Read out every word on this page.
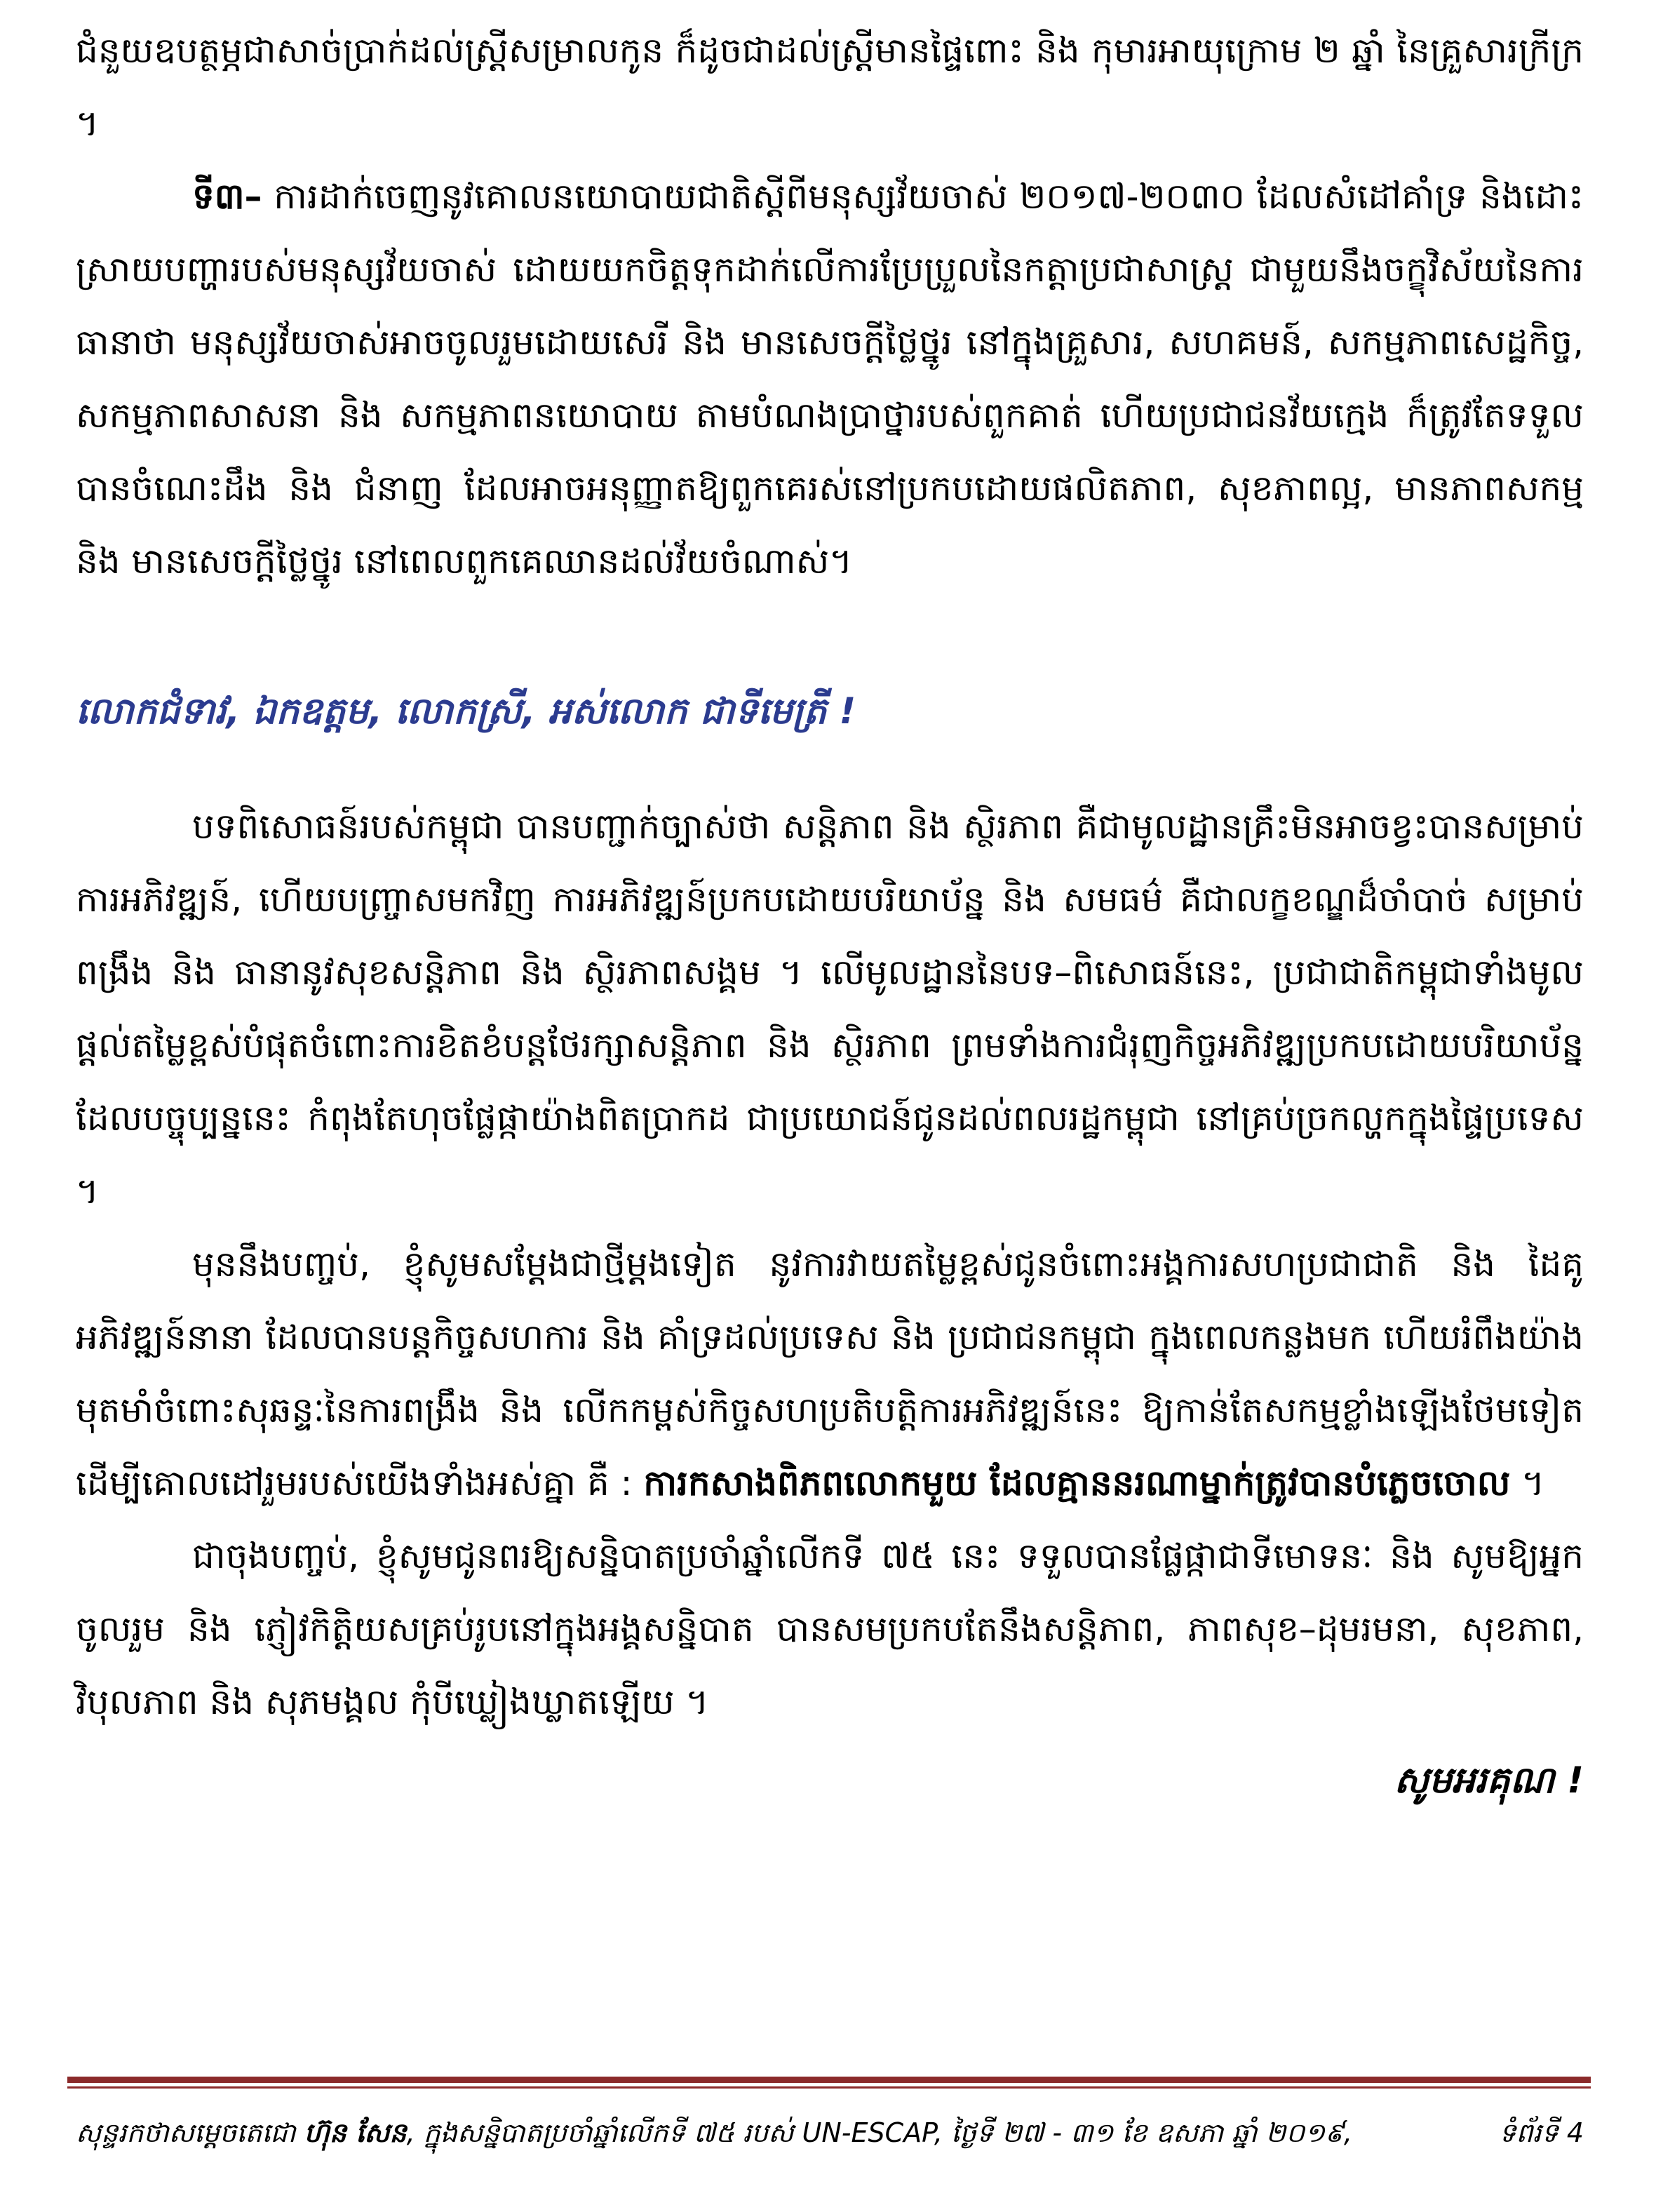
ជំនួយឧបត្ថម្ភជាសាច់ប្រាក់ដល់ស្ត្រីសម្រាលកូន ក៏ដូចជាដល់ស្ត្រីមានផ្ទៃពោះ និង កុមារអាយុក្រោម ២ ឆ្នាំ នៃគ្រួសារក្រីក្រ ។

ទី៣– ការដាក់ចេញនូវគោលនយោបាយជាតិស្តីពីមនុស្សវ័យចាស់ ២០១៧-២០៣០ ដែលសំដៅគាំទ្រ និងដោះស្រាយបញ្ហារបស់មនុស្សវ័យចាស់ ដោយយកចិត្តទុកដាក់លើការប្រែប្រួលនៃកត្តាប្រជាសាស្ត្រ ជាមួយនឹងចក្ខុវិស័យនៃការធានាថា មនុស្សវ័យចាស់អាចចូលរួមដោយសេរី និង មានសេចក្តីថ្លៃថ្នូរ នៅក្នុងគ្រួសារ, សហគមន៍, សកម្មភាពសេដ្ឋកិច្ច, សកម្មភាពសាសនា និង សកម្មភាពនយោបាយ តាមបំណងប្រាថ្នារបស់ពួកគាត់ ហើយប្រជាជនវ័យក្មេង ក៏ត្រូវតែទទួលបានចំណេះដឹង និង ជំនាញ ដែលអាចអនុញ្ញាតឱ្យពួកគេរស់នៅប្រកបដោយផលិតភាព, សុខភាពល្អ, មានភាពសកម្ម និង មានសេចក្តីថ្លៃថ្នូរ នៅពេលពួកគេឈានដល់វ័យចំណាស់។

លោកជំទាវ, ឯកឧត្តម, លោកស្រី, អស់លោក ជាទីមេត្រី !

បទពិសោធន៍របស់កម្ពុជា បានបញ្ជាក់ច្បាស់ថា សន្តិភាព និង ស្ថិរភាព គឺជាមូលដ្ឋានគ្រឹះមិនអាចខ្វះបានសម្រាប់ការអភិវឌ្ឍន៍, ហើយបញ្ច្រាសមកវិញ ការអភិវឌ្ឍន៍ប្រកបដោយបរិយាប័ន្ន និង សមធម៌ គឺជាលក្ខខណ្ឌដ៏ចាំបាច់ សម្រាប់ពង្រឹង និង ធានានូវសុខសន្តិភាព និង ស្ថិរភាពសង្គម ។ លើមូលដ្ឋាននៃបទ–ពិសោធន៍នេះ, ប្រជាជាតិកម្ពុជាទាំងមូល ផ្តល់តម្លៃខ្ពស់បំផុតចំពោះការខិតខំបន្តថែរក្សាសន្តិភាព និង ស្ថិរភាព ព្រមទាំងការជំរុញកិច្ចអភិវឌ្ឍប្រកបដោយបរិយាប័ន្ន ដែលបច្ចុប្បន្ននេះ កំពុងតែហុចផ្លែផ្កាយ៉ាងពិតប្រាកដ ជាប្រយោជន៍ជូនដល់ពលរដ្ឋកម្ពុជា នៅគ្រប់ច្រកល្ហកក្នុងផ្ទៃប្រទេស ។

មុននឹងបញ្ចប់, ខ្ញុំសូមសម្តែងជាថ្មីម្តងទៀត នូវការវាយតម្លៃខ្ពស់ជូនចំពោះអង្គការសហប្រជាជាតិ និង ដៃគូអភិវឌ្ឍន៍នានា ដែលបានបន្តកិច្ចសហការ និង គាំទ្រដល់ប្រទេស និង ប្រជាជនកម្ពុជា ក្នុងពេលកន្លងមក ហើយរំពឹងយ៉ាងមុតមាំចំពោះសុឆន្ទៈនៃការពង្រឹង និង លើកកម្ពស់កិច្ចសហប្រតិបត្តិការអភិវឌ្ឍន៍នេះ ឱ្យកាន់តែសកម្មខ្លាំងឡើងថែមទៀត ដើម្បីគោលដៅរួមរបស់យើងទាំងអស់គ្នា គឺ : ការកសាងពិភពលោកមួយ ដែលគ្មាននរណាម្នាក់ត្រូវបានបំភ្លេចចោល ។

ជាចុងបញ្ចប់, ខ្ញុំសូមជូនពរឱ្យសន្និបាតប្រចាំឆ្នាំលើកទី ៧៥ នេះ ទទួលបានផ្លែផ្កាជាទីមោទនៈ និង សូមឱ្យអ្នកចូលរួម និង ភ្ញៀវកិត្តិយសគ្រប់រូបនៅក្នុងអង្គសន្និបាត បានសមប្រកបតែនឹងសន្តិភាព, ភាពសុខ–ដុមរមនា, សុខភាព, វិបុលភាព និង សុភមង្គល កុំបីឃ្លៀងឃ្លាតឡើយ ។

សូមអរគុណ !

សុន្ទរកថាសម្តេចតេជោ ហ៊ុន សែន, ក្នុងសន្និបាតប្រចាំឆ្នាំលើកទី ៧៥ របស់ UN-ESCAP, ថ្ងៃទី ២៧ - ៣១ ខែ ឧសភា ឆ្នាំ ២០១៩,	ទំព័រទី 4
